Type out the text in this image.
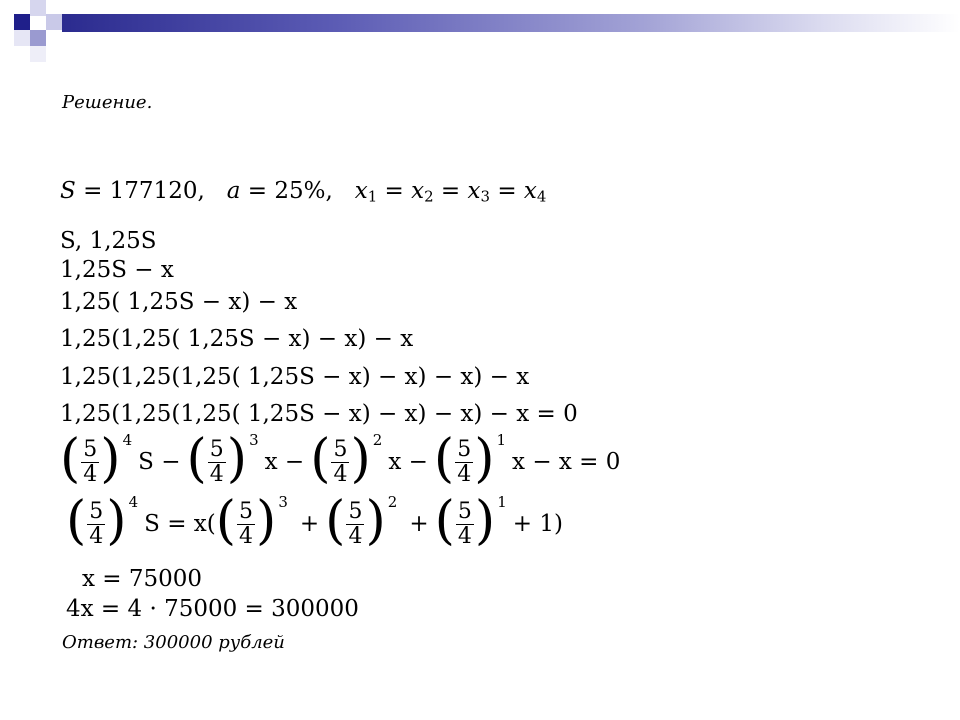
Решение.
S = 177120, a = 25%, $x_1 = x_2 = x_3 = x_4$
S, 1,25S
1,25S − x
1,25( 1,25S − x) − x
1,25(1,25( 1,25S − x) − x) − x
1,25(1,25(1,25( 1,25S − x) − x) − x) − x
1,25(1,25(1,25( 1,25S − x) − x) − x) − x = 0
( $\frac{5}{4}$ ) 4
S − ( $\frac{5}{4}$ ) 3
x − ( $\frac{5}{4}$ ) 2
x − ( $\frac{5}{4}$ ) 1
x − x = 0
( $\frac{5}{4}$ ) 4
S = x( ( $\frac{5}{4}$ ) 3
+ ( $\frac{5}{4}$ ) 2
+ ( $\frac{5}{4}$ ) 1
+ 1)
x = 75000
4x = 4 · 75000 = 300000
Ответ: 300000 рублей
